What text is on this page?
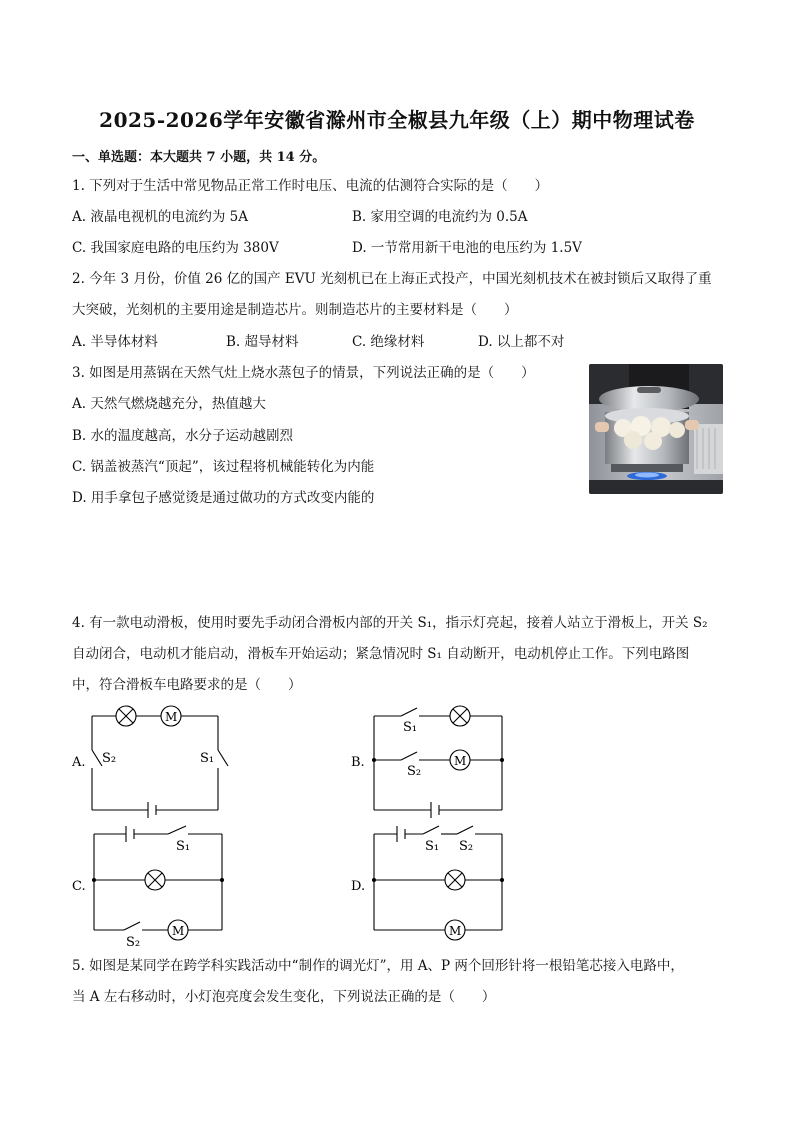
2025-2026学年安徽省滁州市全椒县九年级（上）期中物理试卷
一、单选题：本大题共 7 小题，共 14 分。
1. 下列对于生活中常见物品正常工作时电压、电流的估测符合实际的是（　　）
A. 液晶电视机的电流约为 5A	B. 家用空调的电流约为 0.5A
C. 我国家庭电路的电压约为 380V	D. 一节常用新干电池的电压约为 1.5V
2. 今年 3 月份，价值 26 亿的国产 EVU 光刻机已在上海正式投产，中国光刻机技术在被封锁后又取得了重
大突破，光刻机的主要用途是制造芯片。则制造芯片的主要材料是（　　）
A. 半导体材料	B. 超导材料	C. 绝缘材料	D. 以上都不对
3. 如图是用蒸锅在天然气灶上烧水蒸包子的情景，下列说法正确的是（　　）
A. 天然气燃烧越充分，热值越大
B. 水的温度越高，水分子运动越剧烈
C. 锅盖被蒸汽“顶起”，该过程将机械能转化为内能
D. 用手拿包子感觉烫是通过做功的方式改变内能的
4. 有一款电动滑板，使用时要先手动闭合滑板内部的开关 S₁，指示灯亮起，接着人站立于滑板上，开关 S₂
自动闭合，电动机才能启动，滑板车开始运动；紧急情况时 S₁ 自动断开，电动机停止工作。下列电路图
中，符合滑板车电路要求的是（　　）
A.
M
S₂	S₁	B.	M
S₁
S₂
C.
M
S₁
S₂
D.
M
S₁ S₂
5. 如图是某同学在跨学科实践活动中“制作的调光灯”，用 A、P 两个回形针将一根铅笔芯接入电路中，
当 A 左右移动时，小灯泡亮度会发生变化，下列说法正确的是（　　）
